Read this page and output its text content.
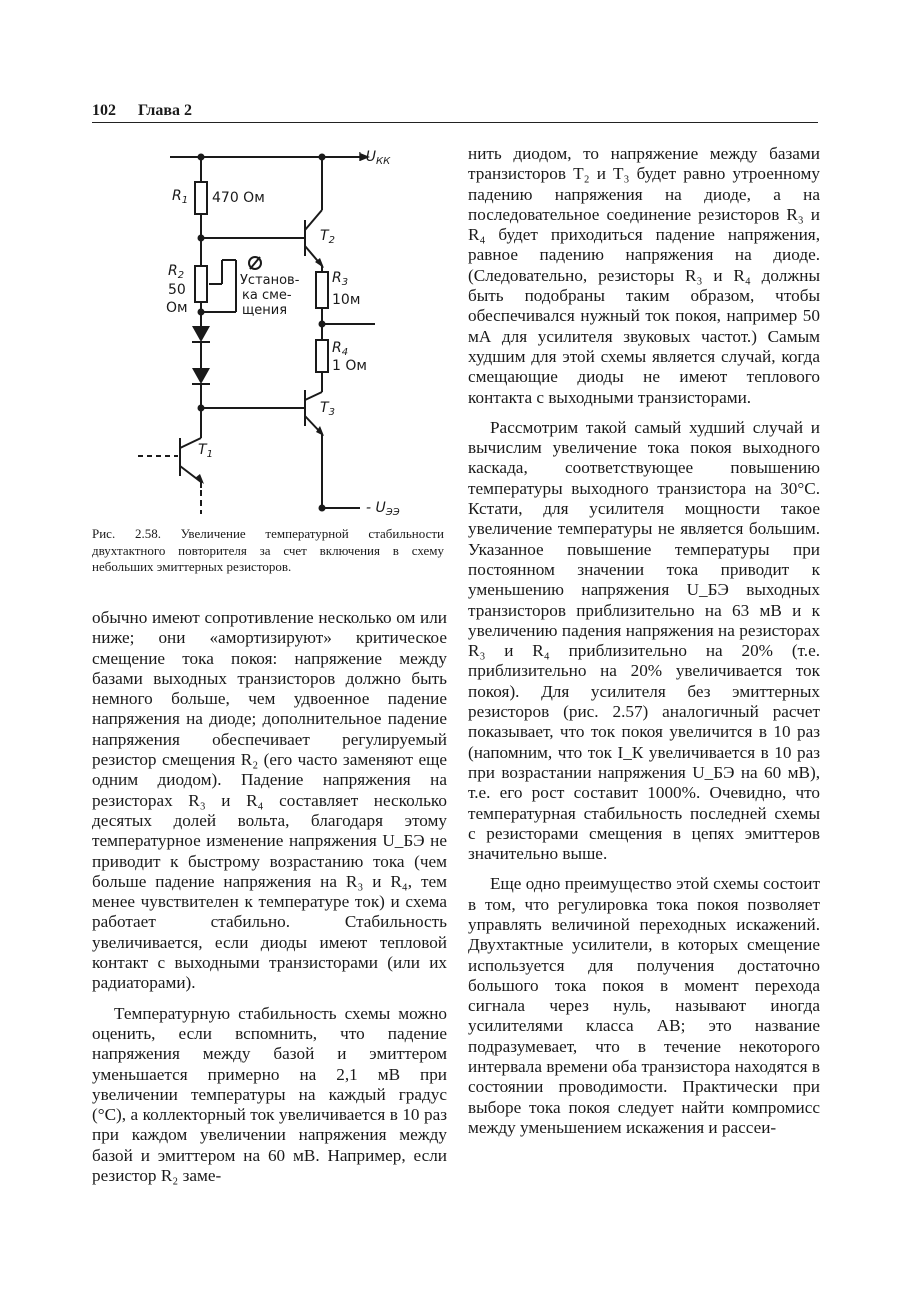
102 Глава 2
$+U_{КК}$
- $U_{ЭЭ}$
$R_1$ 470 Ом
$R_2$
50
Ом
$R_3$
10м
$R_4$
1 Ом
$T_1$
$T_2$
$T_3$
Установ-
ка сме-
щения
Рис. 2.58. Увеличение температурной стабильности двухтактного повторителя за счет включения в схему небольших эмиттерных резисторов.

нить диодом, то напряжение между базами транзисторов T₂ и T₃ будет равно утроенному падению напряжения на диоде, а на последовательное соединение резисторов R₃ и R₄ будет приходиться падение напряжения, равное падению напряжения на диоде. (Следовательно, резисторы R₃ и R₄ должны быть подобраны таким образом, чтобы обеспечивался нужный ток покоя, например 50 мА для усилителя звуковых частот.) Самым худшим для этой схемы является случай, когда смещающие диоды не имеют теплового контакта с выходными транзисторами.

Рассмотрим такой самый худший случай и вычислим увеличение тока покоя выходного каскада, соответствующее повышению температуры выходного транзистора на 30°С. Кстати, для усилителя мощности такое увеличение температуры не является большим. Указанное повышение температуры при постоянном значении тока приводит к уменьшению напряжения U_БЭ выходных транзисторов приблизительно на 63 мВ и к увеличению падения напряжения на резисторах R₃ и R₄ приблизительно на 20% (т.е. приблизительно на 20% увеличивается ток покоя). Для усилителя без эмиттерных резисторов (рис. 2.57) аналогичный расчет показывает, что ток покоя увеличится в 10 раз (напомним, что ток I_К увеличивается в 10 раз при возрастании напряжения U_БЭ на 60 мВ), т.е. его рост составит 1000%. Очевидно, что температурная стабильность последней схемы с резисторами смещения в цепях эмиттеров значительно выше.

Еще одно преимущество этой схемы состоит в том, что регулировка тока покоя позволяет управлять величиной переходных искажений. Двухтактные усилители, в которых смещение используется для получения достаточно большого тока покоя в момент перехода сигнала через нуль, называют иногда усилителями класса АВ; это название подразумевает, что в течение некоторого интервала времени оба транзистора находятся в состоянии проводимости. Практически при выборе тока покоя следует найти компромисс между уменьшением искажения и рассеи-

обычно имеют сопротивление несколько ом или ниже; они «амортизируют» критическое смещение тока покоя: напряжение между базами выходных транзисторов должно быть немного больше, чем удвоенное падение напряжения на диоде; дополнительное падение напряжения обеспечивает регулируемый резистор смещения R₂ (его часто заменяют еще одним диодом). Падение напряжения на резисторах R₃ и R₄ составляет несколько десятых долей вольта, благодаря этому температурное изменение напряжения U_БЭ не приводит к быстрому возрастанию тока (чем больше падение напряжения на R₃ и R₄, тем менее чувствителен к температуре ток) и схема работает стабильно. Стабильность увеличивается, если диоды имеют тепловой контакт с выходными транзисторами (или их радиаторами).

Температурную стабильность схемы можно оценить, если вспомнить, что падение напряжения между базой и эмиттером уменьшается примерно на 2,1 мВ при увеличении температуры на каждый градус (°С), а коллекторный ток увеличивается в 10 раз при каждом увеличении напряжения между базой и эмиттером на 60 мВ. Например, если резистор R₂ заме-
